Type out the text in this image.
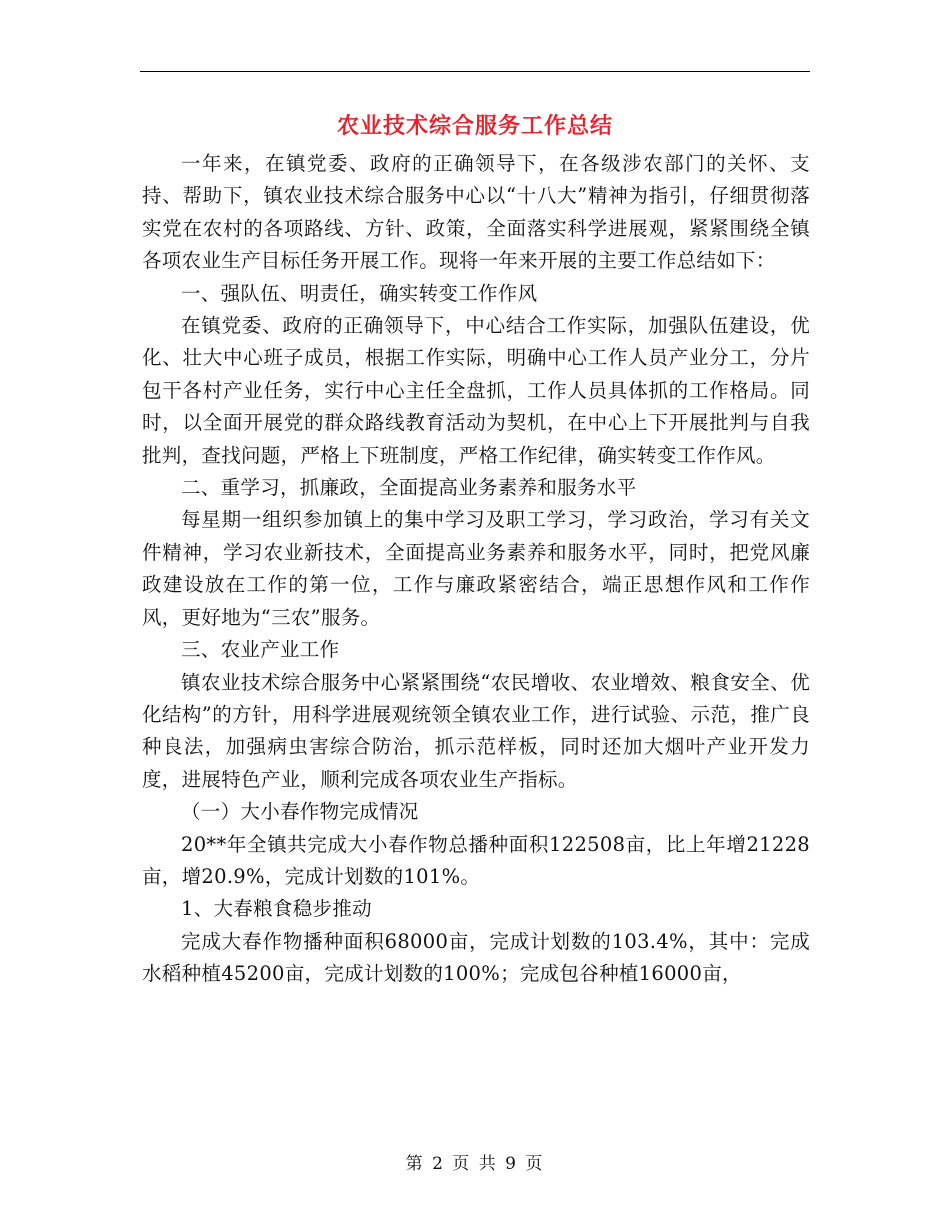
农业技术综合服务工作总结

一年来，在镇党委、政府的正确领导下，在各级涉农部门的关怀、支持、帮助下，镇农业技术综合服务中心以“十八大”精神为指引，仔细贯彻落实党在农村的各项路线、方针、政策，全面落实科学进展观，紧紧围绕全镇各项农业生产目标任务开展工作。现将一年来开展的主要工作总结如下：

一、强队伍、明责任，确实转变工作作风

在镇党委、政府的正确领导下，中心结合工作实际，加强队伍建设，优化、壮大中心班子成员，根据工作实际，明确中心工作人员产业分工，分片包干各村产业任务，实行中心主任全盘抓，工作人员具体抓的工作格局。同时，以全面开展党的群众路线教育活动为契机，在中心上下开展批判与自我批判，查找问题，严格上下班制度，严格工作纪律，确实转变工作作风。

二、重学习，抓廉政，全面提高业务素养和服务水平

每星期一组织参加镇上的集中学习及职工学习，学习政治，学习有关文件精神，学习农业新技术，全面提高业务素养和服务水平，同时，把党风廉政建设放在工作的第一位，工作与廉政紧密结合，端正思想作风和工作作风，更好地为“三农”服务。

三、农业产业工作

镇农业技术综合服务中心紧紧围绕“农民增收、农业增效、粮食安全、优化结构”的方针，用科学进展观统领全镇农业工作，进行试验、示范，推广良种良法，加强病虫害综合防治，抓示范样板，同时还加大烟叶产业开发力度，进展特色产业，顺利完成各项农业生产指标。

（一）大小春作物完成情况

20**年全镇共完成大小春作物总播种面积122508亩，比上年增21228亩，增20.9%，完成计划数的101%。

1、大春粮食稳步推动

完成大春作物播种面积68000亩，完成计划数的103.4%，其中：完成水稻种植45200亩，完成计划数的100%；完成包谷种植16000亩，

第 2 页 共 9 页
